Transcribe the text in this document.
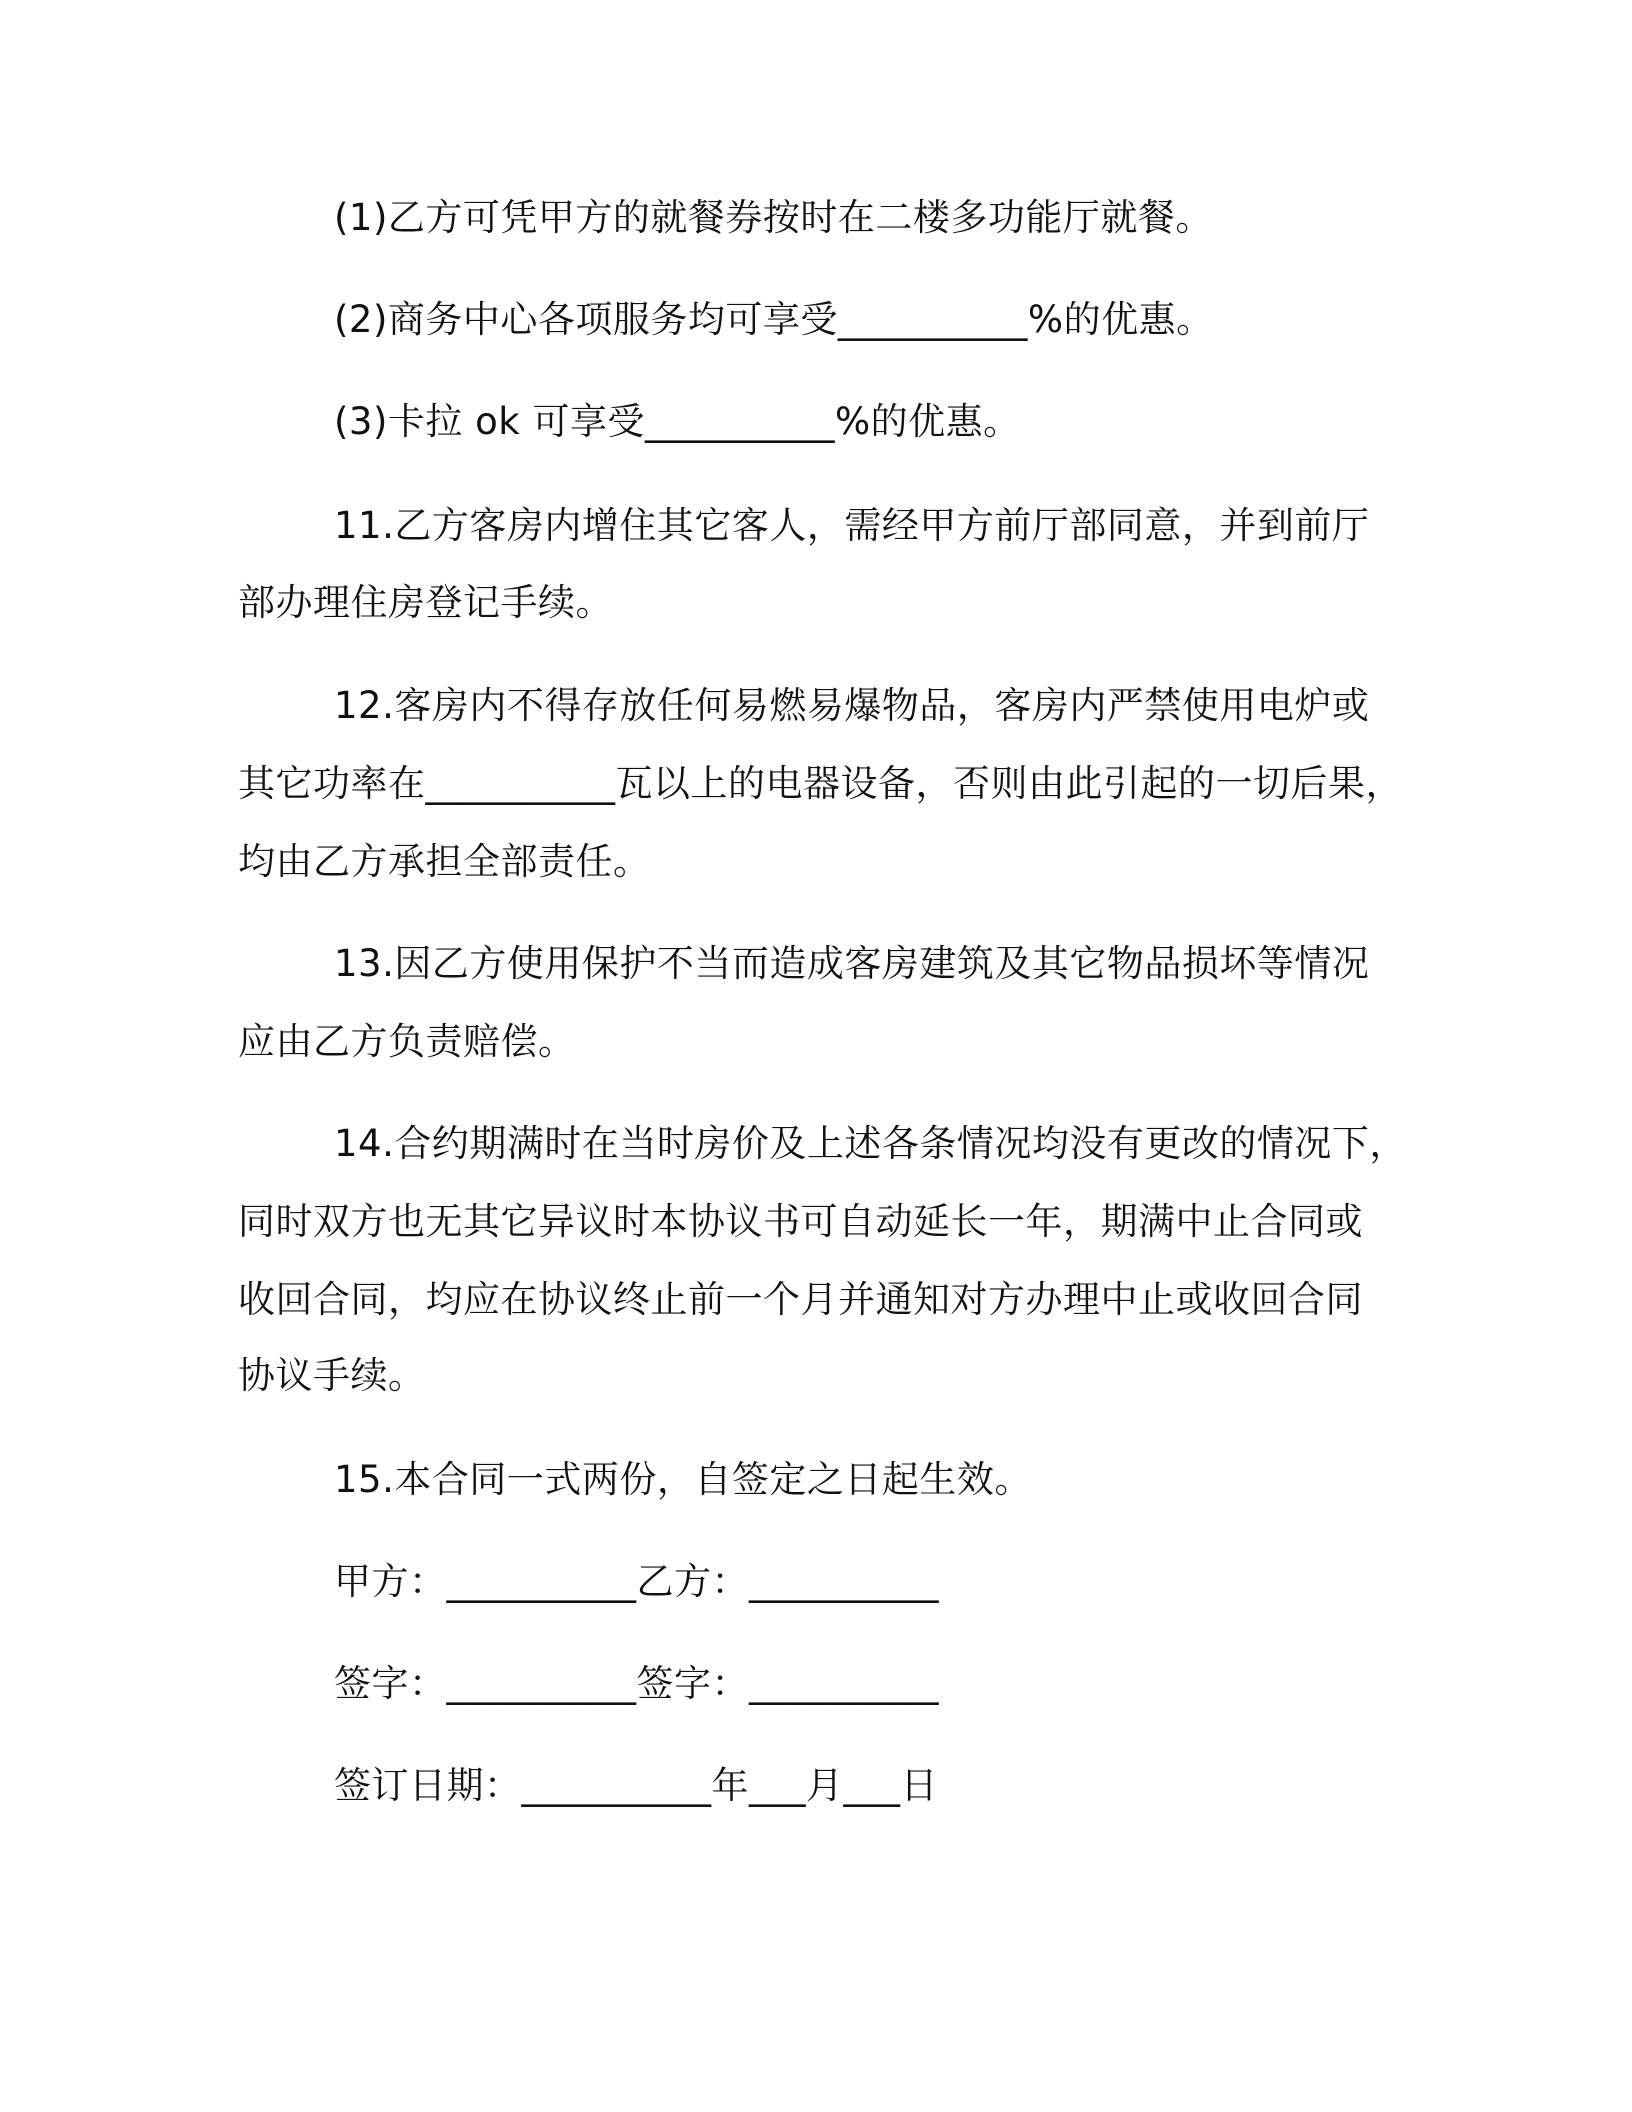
(1)乙方可凭甲方的就餐券按时在二楼多功能厅就餐。
(2)商务中心各项服务均可享受__________%的优惠。
(3)卡拉 ok 可享受__________%的优惠。
11.乙方客房内增住其它客人，需经甲方前厅部同意，并到前厅
部办理住房登记手续。
12.客房内不得存放任何易燃易爆物品，客房内严禁使用电炉或
其它功率在__________瓦以上的电器设备，否则由此引起的一切后果，
均由乙方承担全部责任。
13.因乙方使用保护不当而造成客房建筑及其它物品损坏等情况
应由乙方负责赔偿。
14.合约期满时在当时房价及上述各条情况均没有更改的情况下，
同时双方也无其它异议时本协议书可自动延长一年，期满中止合同或
收回合同，均应在协议终止前一个月并通知对方办理中止或收回合同
协议手续。
15.本合同一式两份，自签定之日起生效。
甲方：__________乙方：__________
签字：__________签字：__________
签订日期：__________年___月___日
